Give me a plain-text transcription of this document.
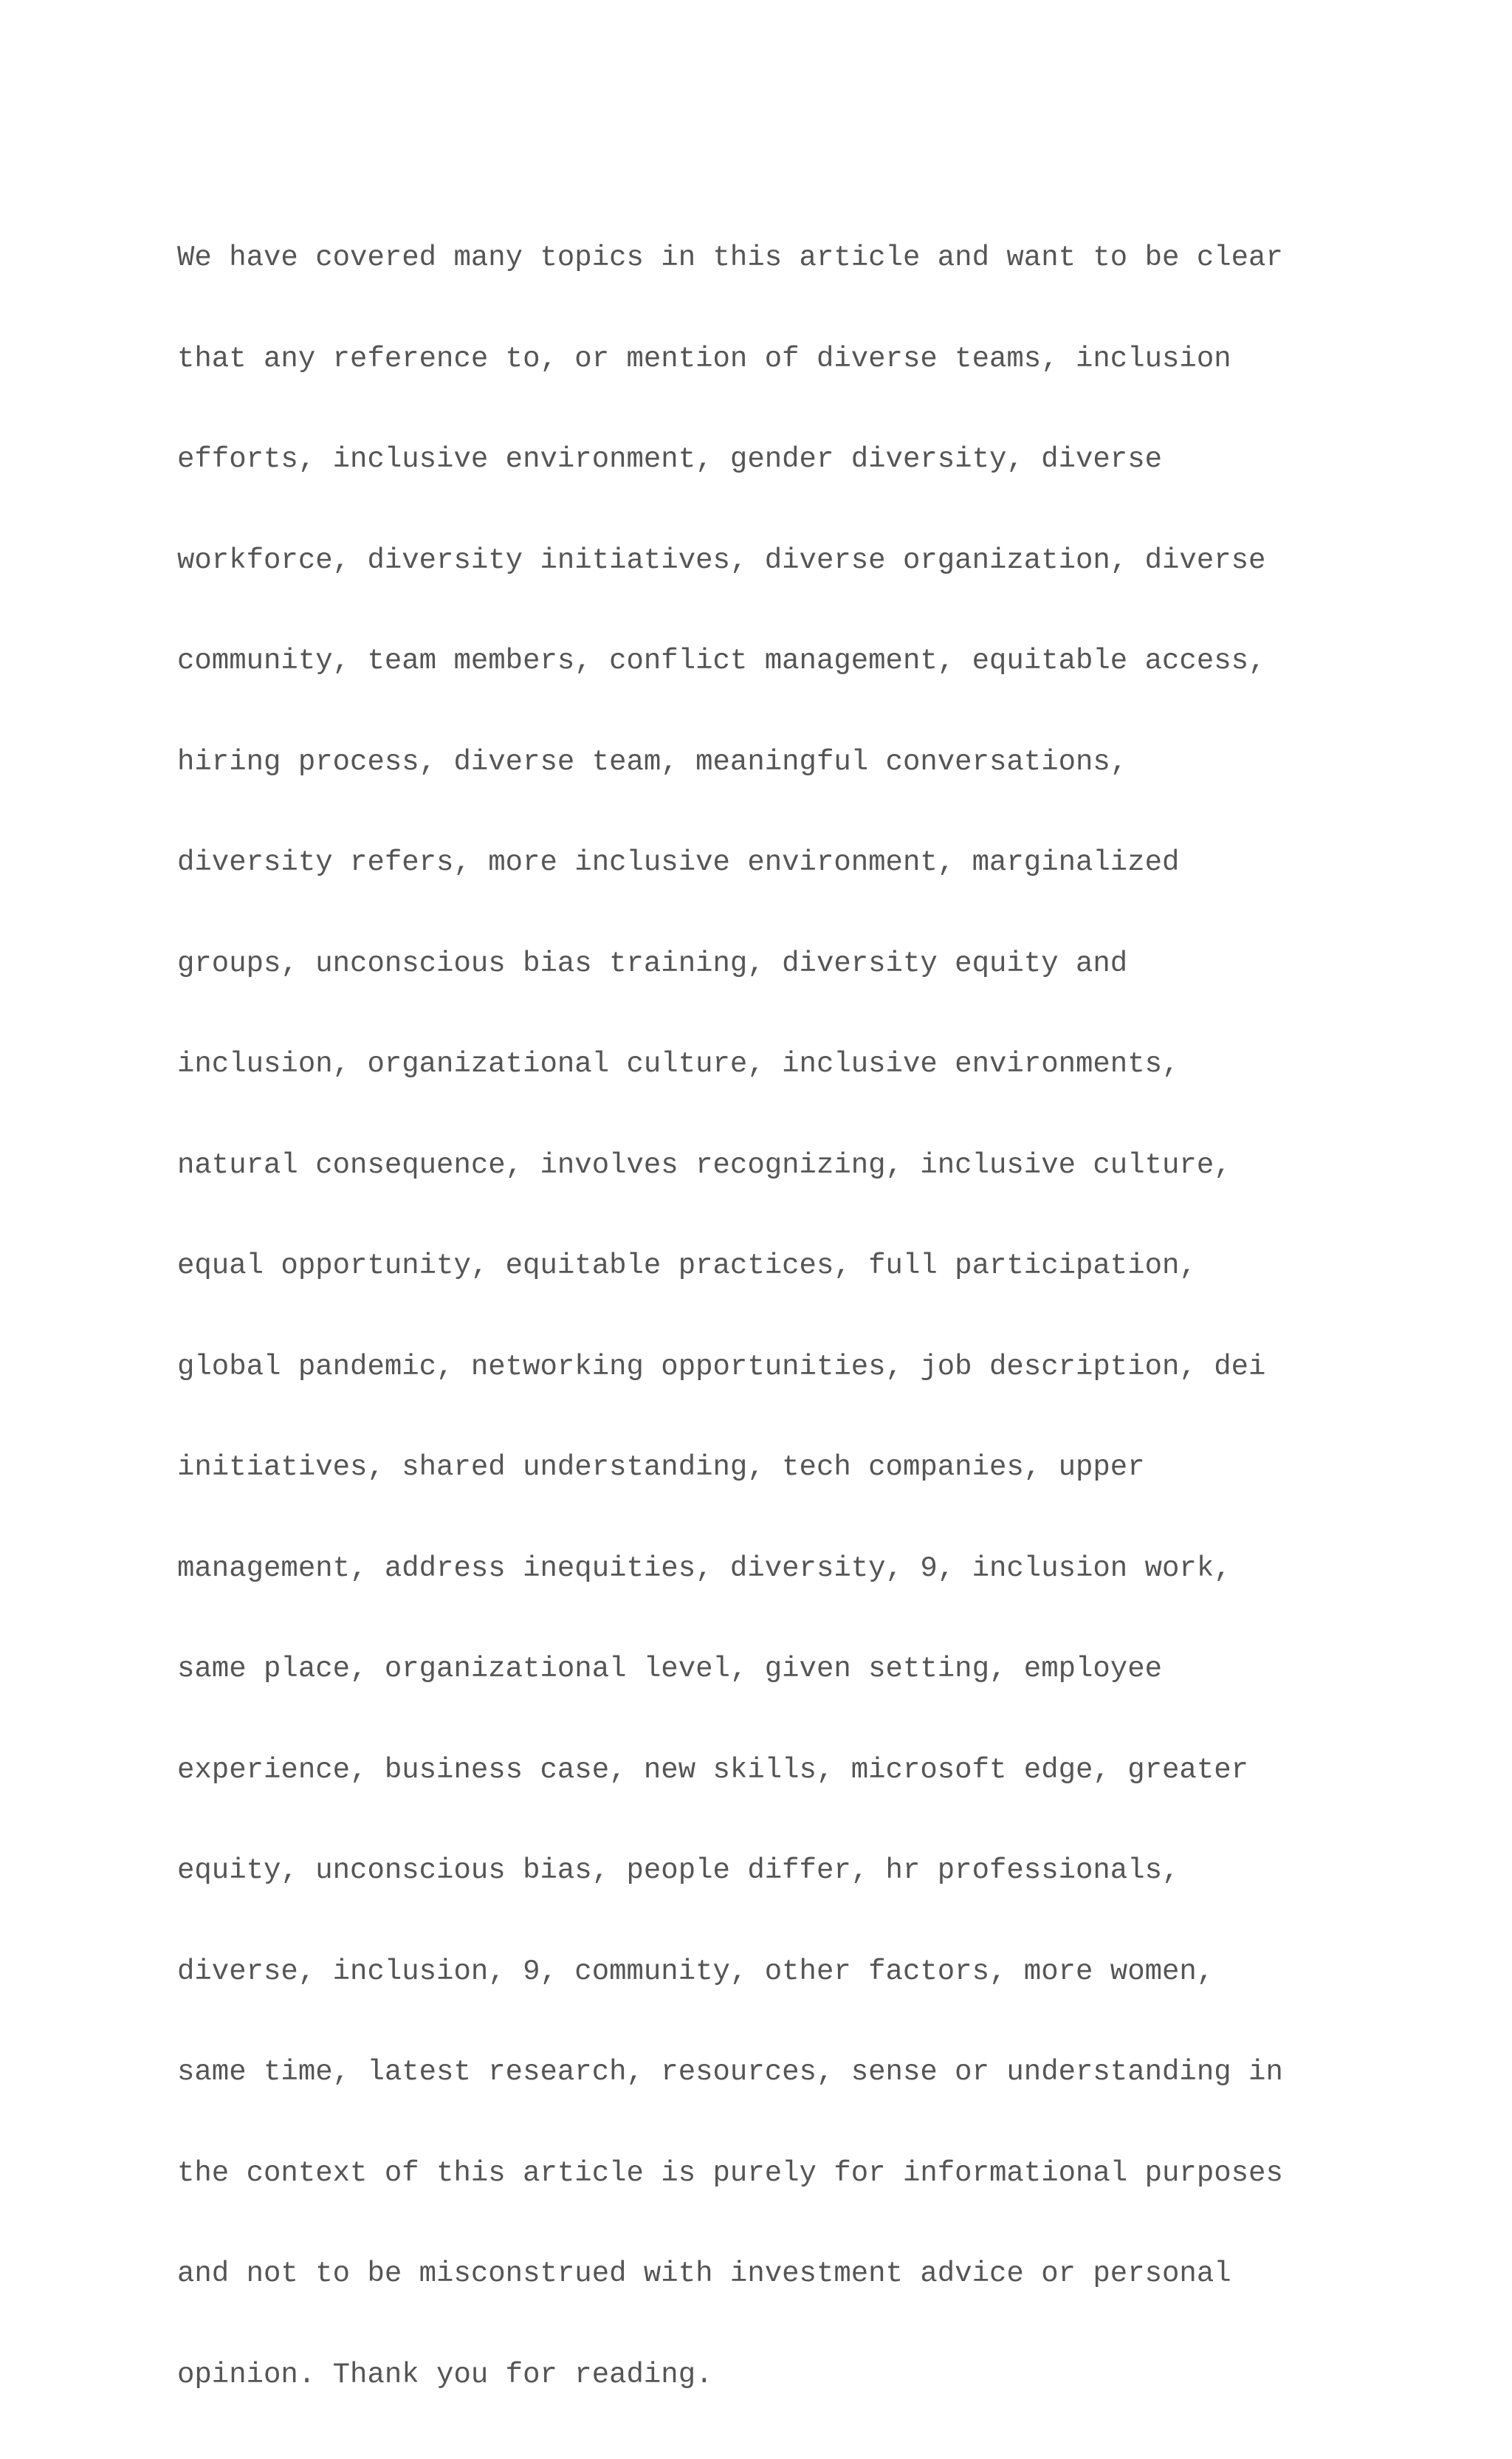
We have covered many topics in this article and want to be clear

that any reference to, or mention of diverse teams, inclusion

efforts, inclusive environment, gender diversity, diverse

workforce, diversity initiatives, diverse organization, diverse

community, team members, conflict management, equitable access,

hiring process, diverse team, meaningful conversations,

diversity refers, more inclusive environment, marginalized

groups, unconscious bias training, diversity equity and

inclusion, organizational culture, inclusive environments,

natural consequence, involves recognizing, inclusive culture,

equal opportunity, equitable practices, full participation,

global pandemic, networking opportunities, job description, dei

initiatives, shared understanding, tech companies, upper

management, address inequities, diversity, 9, inclusion work,

same place, organizational level, given setting, employee

experience, business case, new skills, microsoft edge, greater

equity, unconscious bias, people differ, hr professionals,

diverse, inclusion, 9, community, other factors, more women,

same time, latest research, resources, sense or understanding in

the context of this article is purely for informational purposes

and not to be misconstrued with investment advice or personal

opinion. Thank you for reading.
